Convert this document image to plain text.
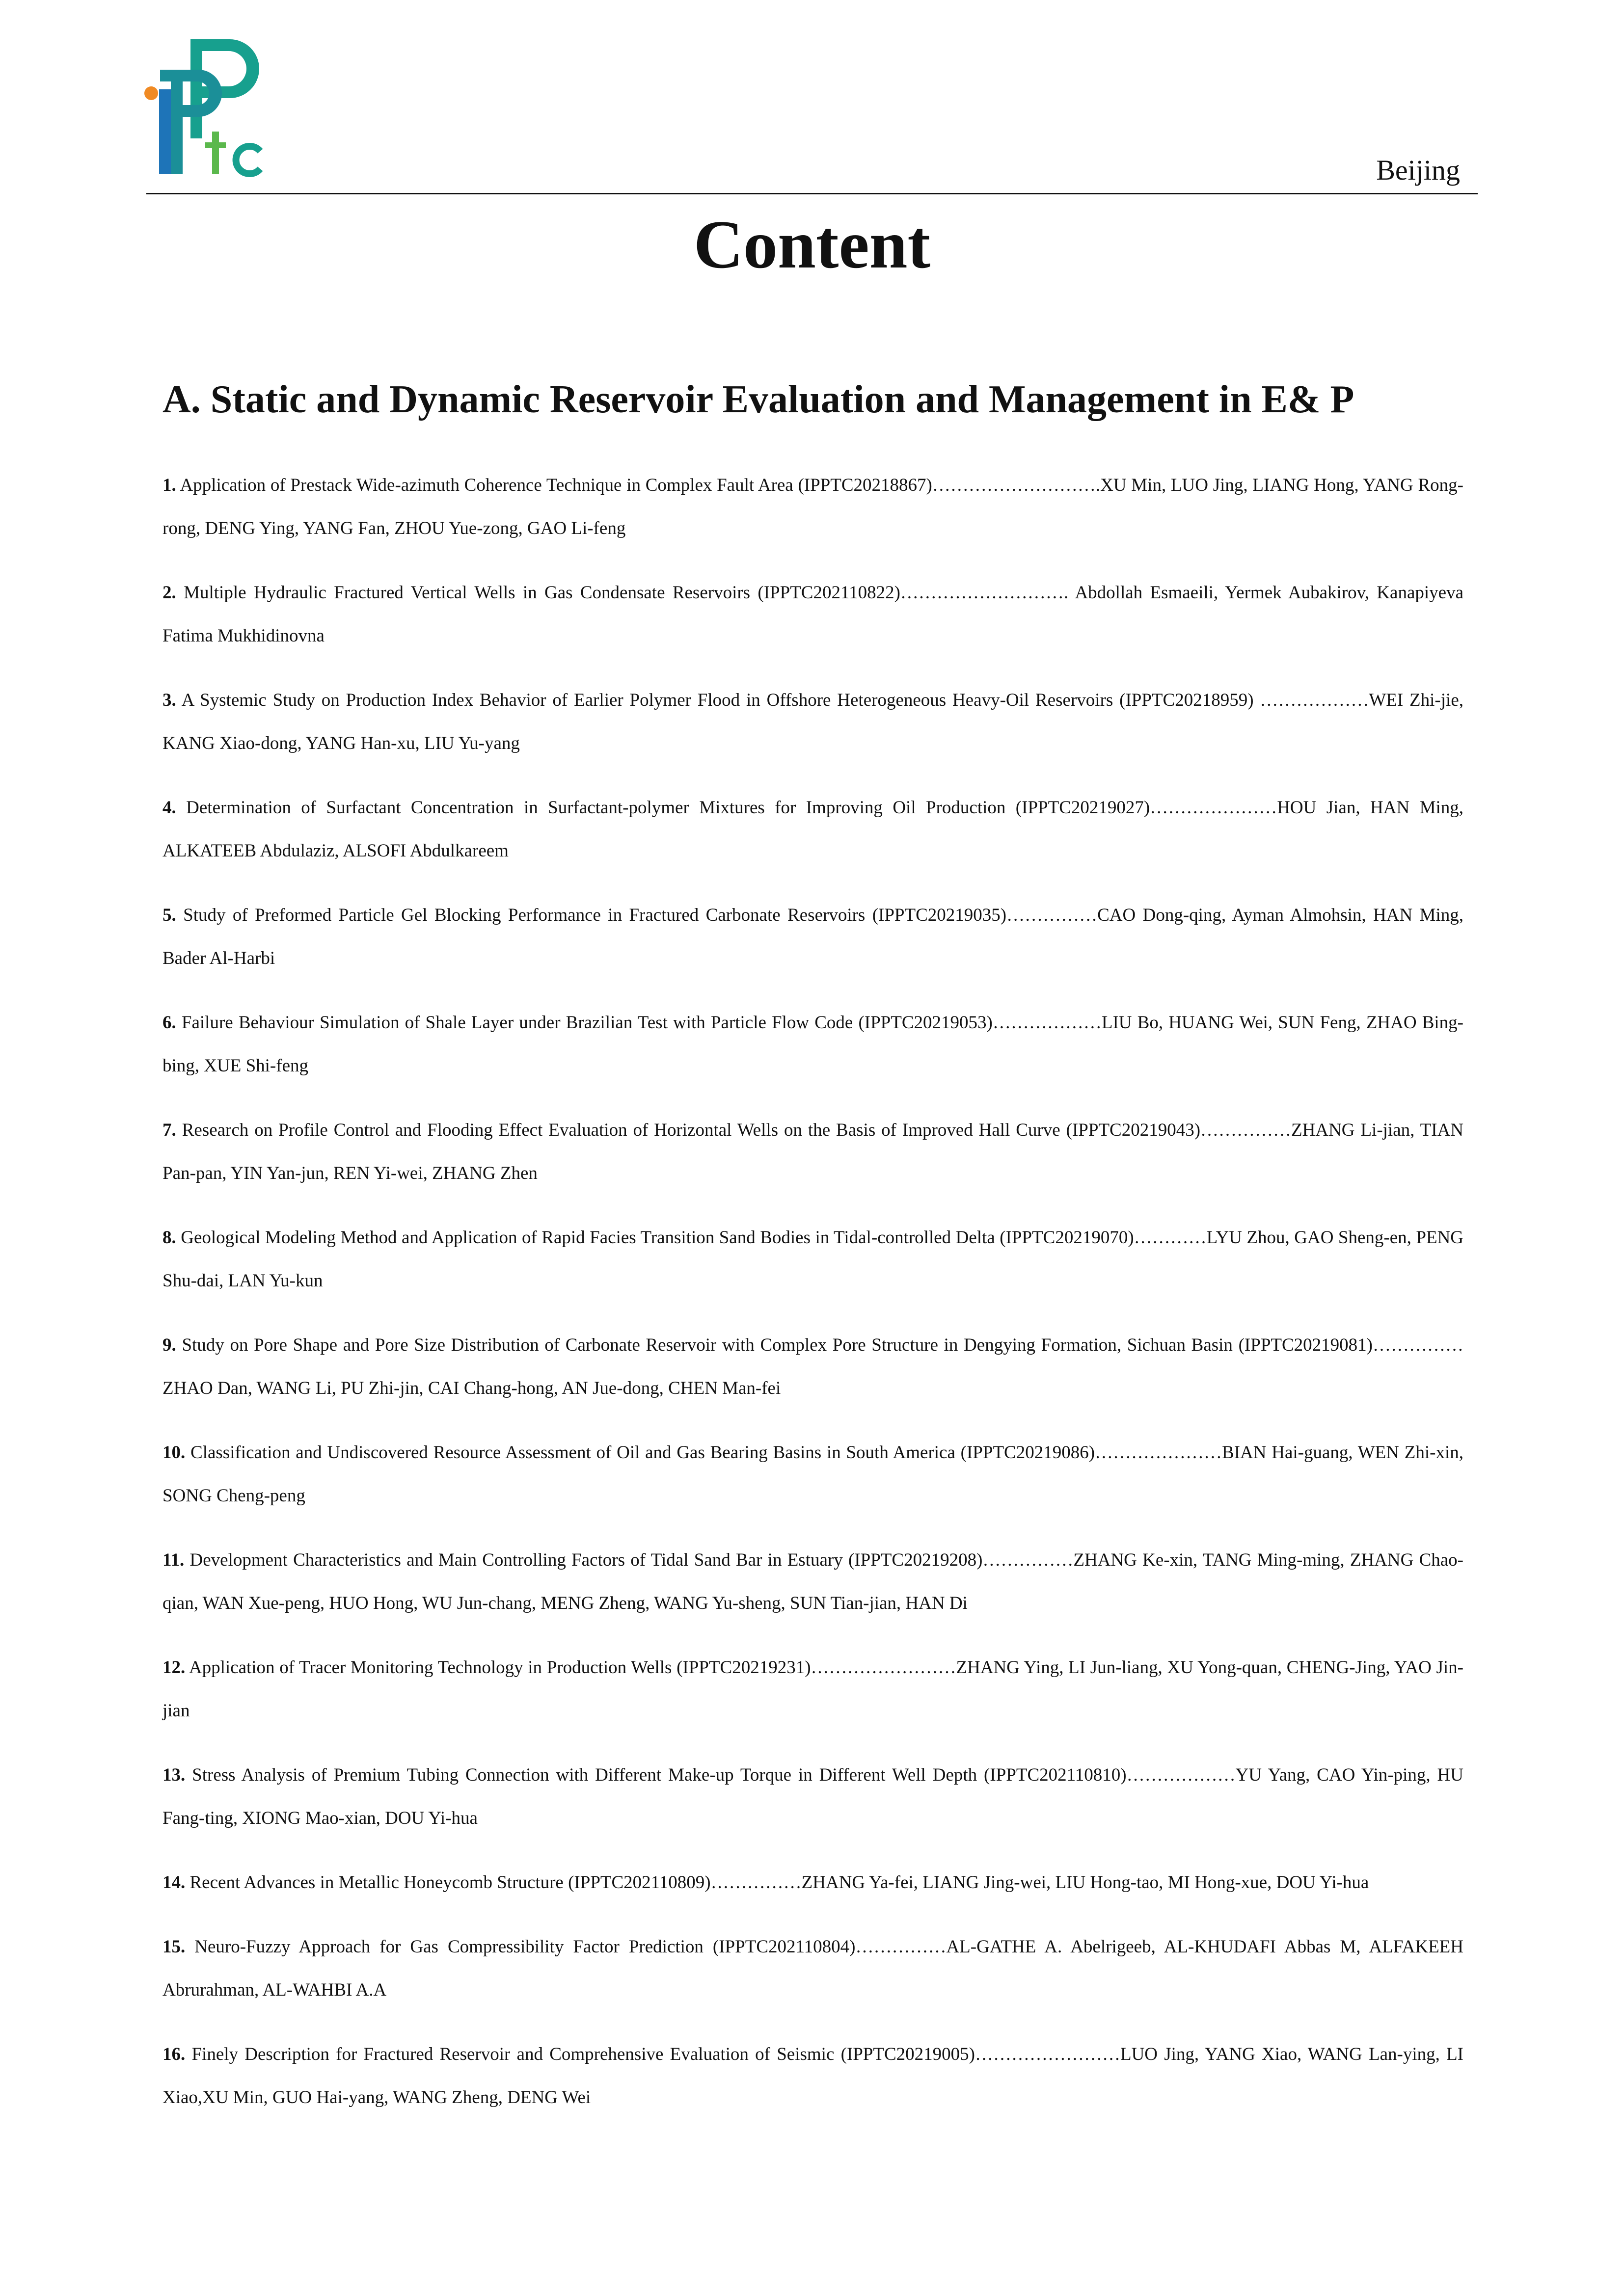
IPPtc
Beijing
Content
A. Static and Dynamic Reservoir Evaluation and Management in E& P
1. Application of Prestack Wide-azimuth Coherence Technique in Complex Fault Area (IPPTC20218867)……………………….XU Min, LUO Jing, LIANG Hong, YANG Rong-rong, DENG Ying, YANG Fan, ZHOU Yue-zong, GAO Li-feng
2. Multiple Hydraulic Fractured Vertical Wells in Gas Condensate Reservoirs (IPPTC202110822)………………………. Abdollah Esmaeili, Yermek Aubakirov, Kanapiyeva Fatima Mukhidinovna
3. A Systemic Study on Production Index Behavior of Earlier Polymer Flood in Offshore Heterogeneous Heavy-Oil Reservoirs (IPPTC20218959) ………………WEI Zhi-jie, KANG Xiao-dong, YANG Han-xu, LIU Yu-yang
4. Determination of Surfactant Concentration in Surfactant-polymer Mixtures for Improving Oil Production (IPPTC20219027)…………………HOU Jian, HAN Ming, ALKATEEB Abdulaziz, ALSOFI Abdulkareem
5. Study of Preformed Particle Gel Blocking Performance in Fractured Carbonate Reservoirs (IPPTC20219035)……………CAO Dong-qing, Ayman Almohsin, HAN Ming, Bader Al-Harbi
6. Failure Behaviour Simulation of Shale Layer under Brazilian Test with Particle Flow Code (IPPTC20219053)………………LIU Bo, HUANG Wei, SUN Feng, ZHAO Bing-bing, XUE Shi-feng
7. Research on Profile Control and Flooding Effect Evaluation of Horizontal Wells on the Basis of Improved Hall Curve (IPPTC20219043)……………ZHANG Li-jian, TIAN Pan-pan, YIN Yan-jun, REN Yi-wei, ZHANG Zhen
8. Geological Modeling Method and Application of Rapid Facies Transition Sand Bodies in Tidal-controlled Delta (IPPTC20219070)…………LYU Zhou, GAO Sheng-en, PENG Shu-dai, LAN Yu-kun
9. Study on Pore Shape and Pore Size Distribution of Carbonate Reservoir with Complex Pore Structure in Dengying Formation, Sichuan Basin (IPPTC20219081)……………ZHAO Dan, WANG Li, PU Zhi-jin, CAI Chang-hong, AN Jue-dong, CHEN Man-fei
10. Classification and Undiscovered Resource Assessment of Oil and Gas Bearing Basins in South America (IPPTC20219086)…………………BIAN Hai-guang, WEN Zhi-xin, SONG Cheng-peng
11. Development Characteristics and Main Controlling Factors of Tidal Sand Bar in Estuary (IPPTC20219208)……………ZHANG Ke-xin, TANG Ming-ming, ZHANG Chao-qian, WAN Xue-peng, HUO Hong, WU Jun-chang, MENG Zheng, WANG Yu-sheng, SUN Tian-jian, HAN Di
12. Application of Tracer Monitoring Technology in Production Wells (IPPTC20219231)……………………ZHANG Ying, LI Jun-liang, XU Yong-quan, CHENG-Jing, YAO Jin-jian
13. Stress Analysis of Premium Tubing Connection with Different Make-up Torque in Different Well Depth (IPPTC202110810)………………YU Yang, CAO Yin-ping, HU Fang-ting, XIONG Mao-xian, DOU Yi-hua
14. Recent Advances in Metallic Honeycomb Structure (IPPTC202110809)……………ZHANG Ya-fei, LIANG Jing-wei, LIU Hong-tao, MI Hong-xue, DOU Yi-hua
15. Neuro-Fuzzy Approach for Gas Compressibility Factor Prediction (IPPTC202110804)……………AL-GATHE A. Abelrigeeb, AL-KHUDAFI Abbas M, ALFAKEEH Abrurahman, AL-WAHBI A.A
16. Finely Description for Fractured Reservoir and Comprehensive Evaluation of Seismic (IPPTC20219005)……………………LUO Jing, YANG Xiao, WANG Lan-ying, LI Xiao,XU Min, GUO Hai-yang, WANG Zheng, DENG Wei
